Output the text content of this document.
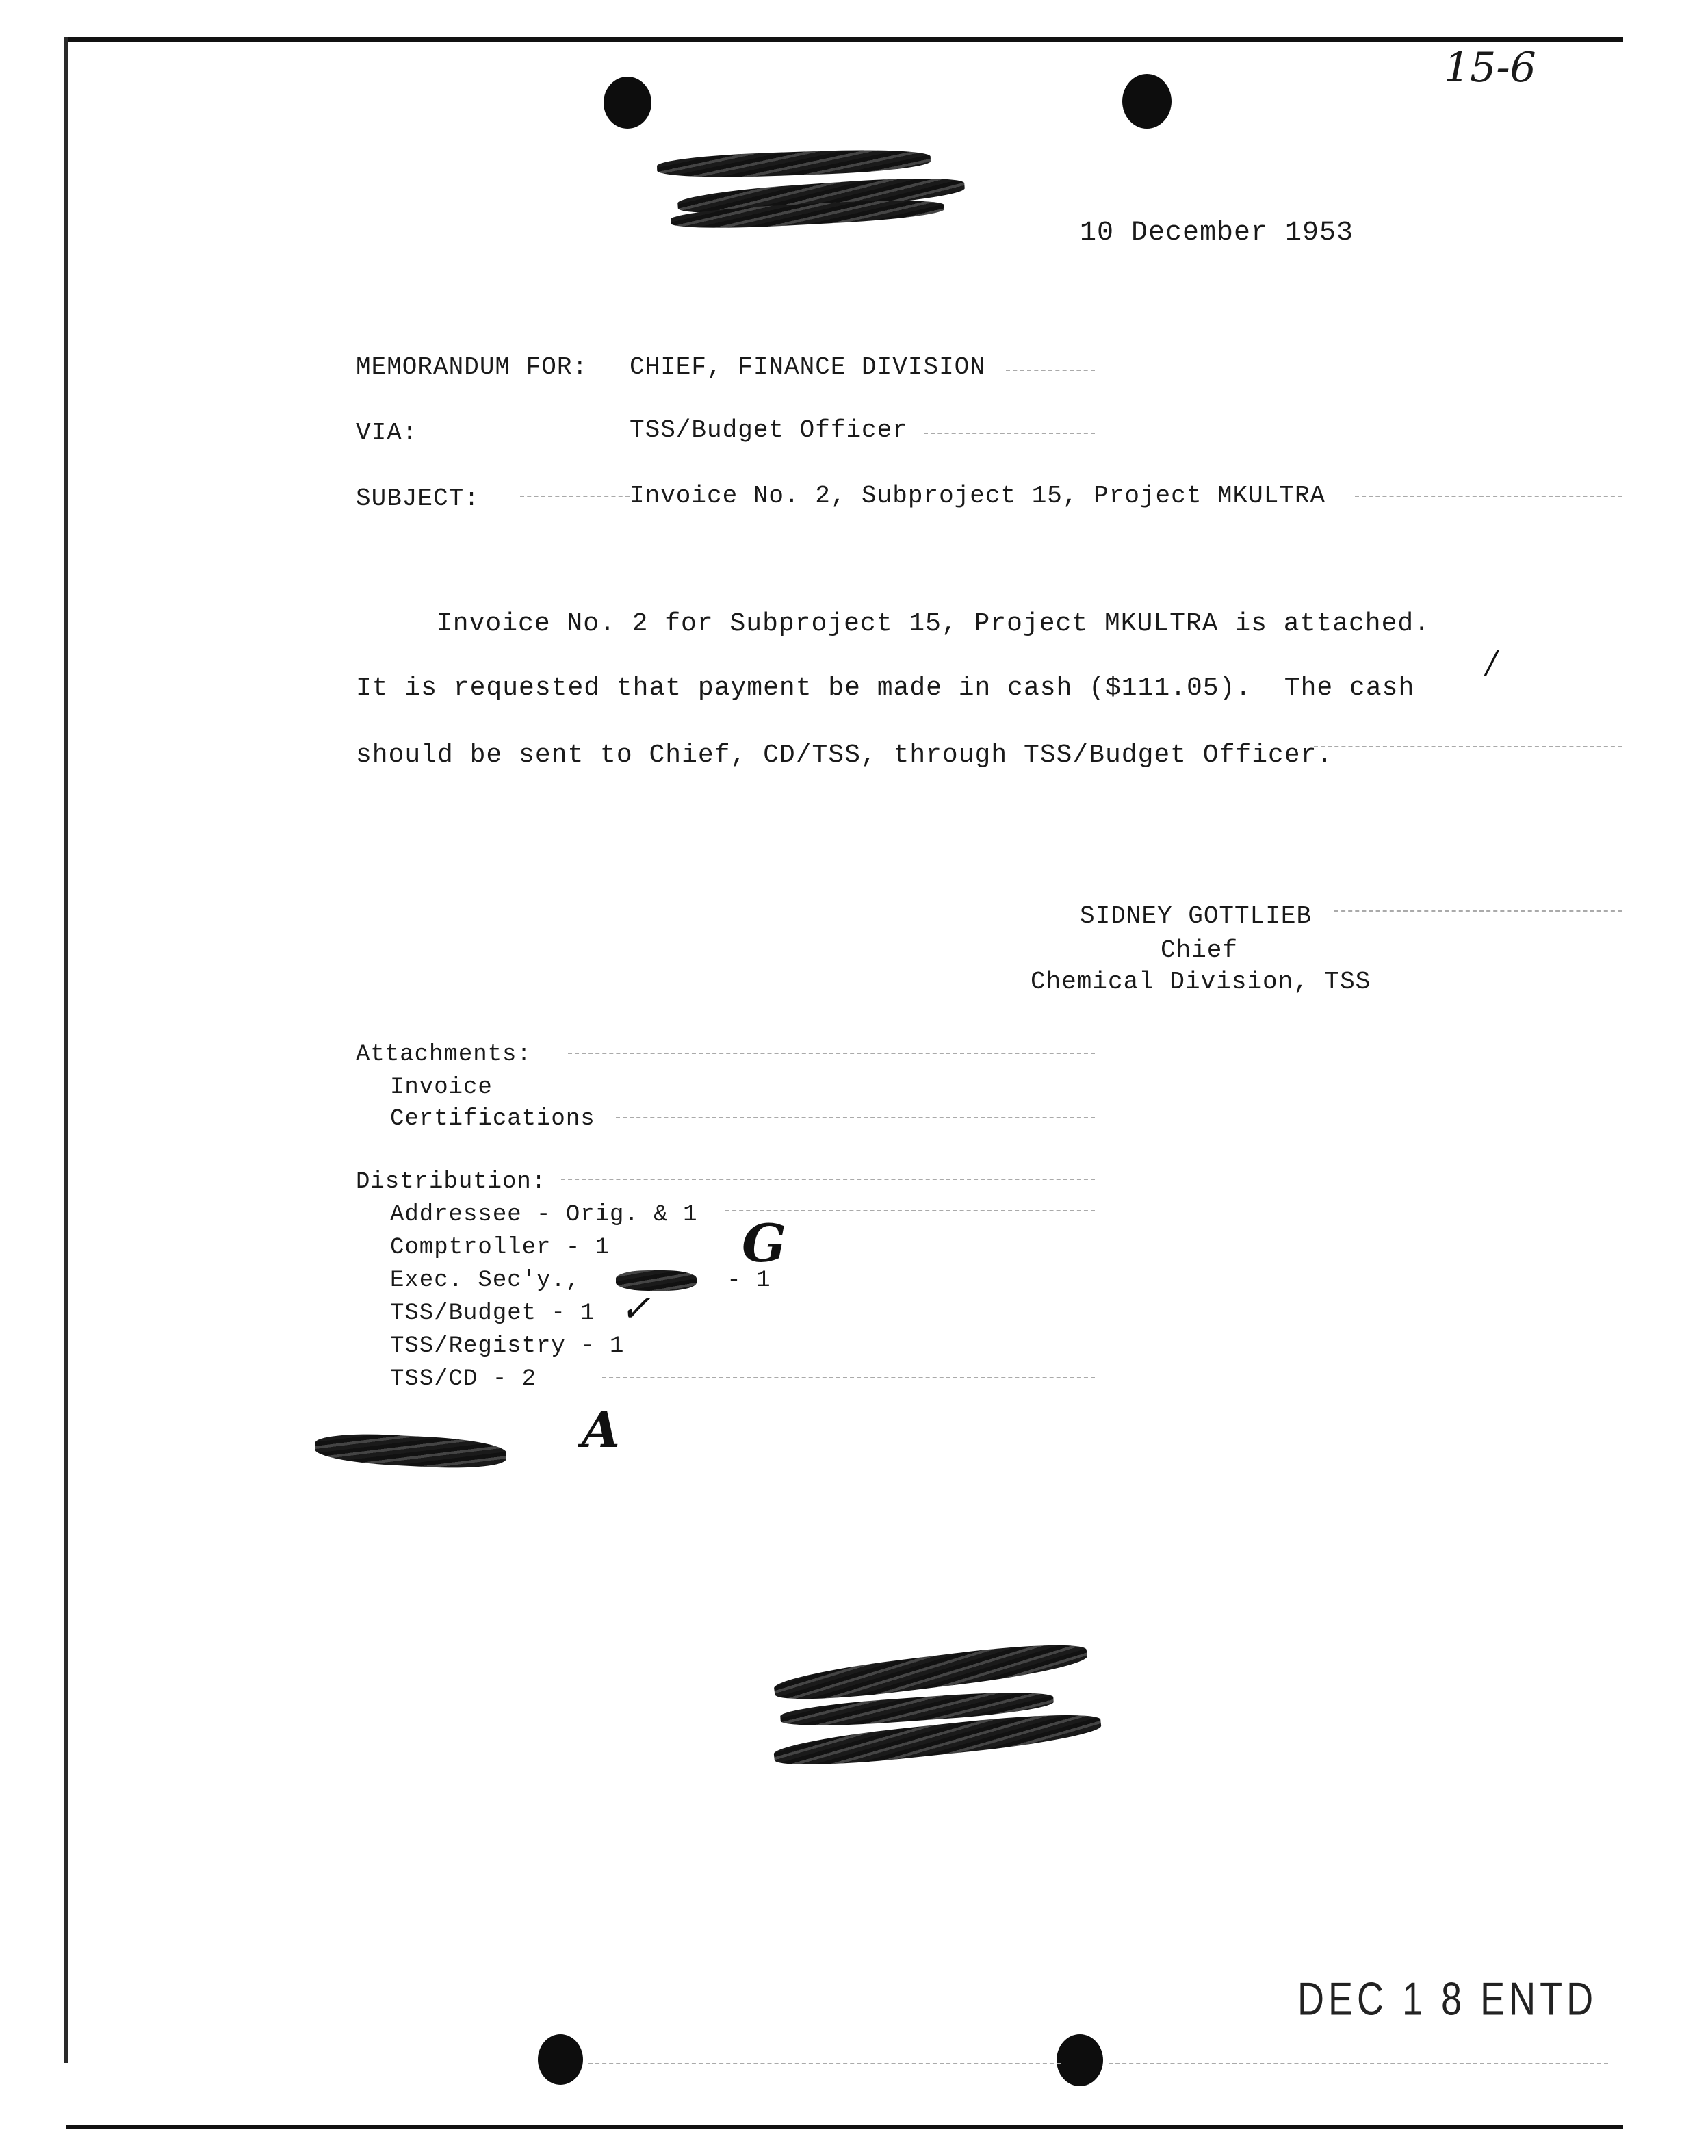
15-6
10 December 1953
MEMORANDUM FOR: CHIEF, FINANCE DIVISION
VIA:	TSS/Budget Officer
SUBJECT:	Invoice No. 2, Subproject 15, Project MKULTRA
Invoice No. 2 for Subproject 15, Project MKULTRA is attached.
It is requested that payment be made in cash ($111.05).  The cash
should be sent to Chief, CD/TSS, through TSS/Budget Officer.
SIDNEY GOTTLIEB
Chief
Chemical Division, TSS
Attachments:
Invoice
Certifications
Distribution:
Addressee - Orig. & 1
Comptroller - 1
Exec. Sec'y.,          - 1
TSS/Budget - 1
TSS/Registry - 1
TSS/CD - 2
G
✓
A
/
DEC 1 8 ENTD
